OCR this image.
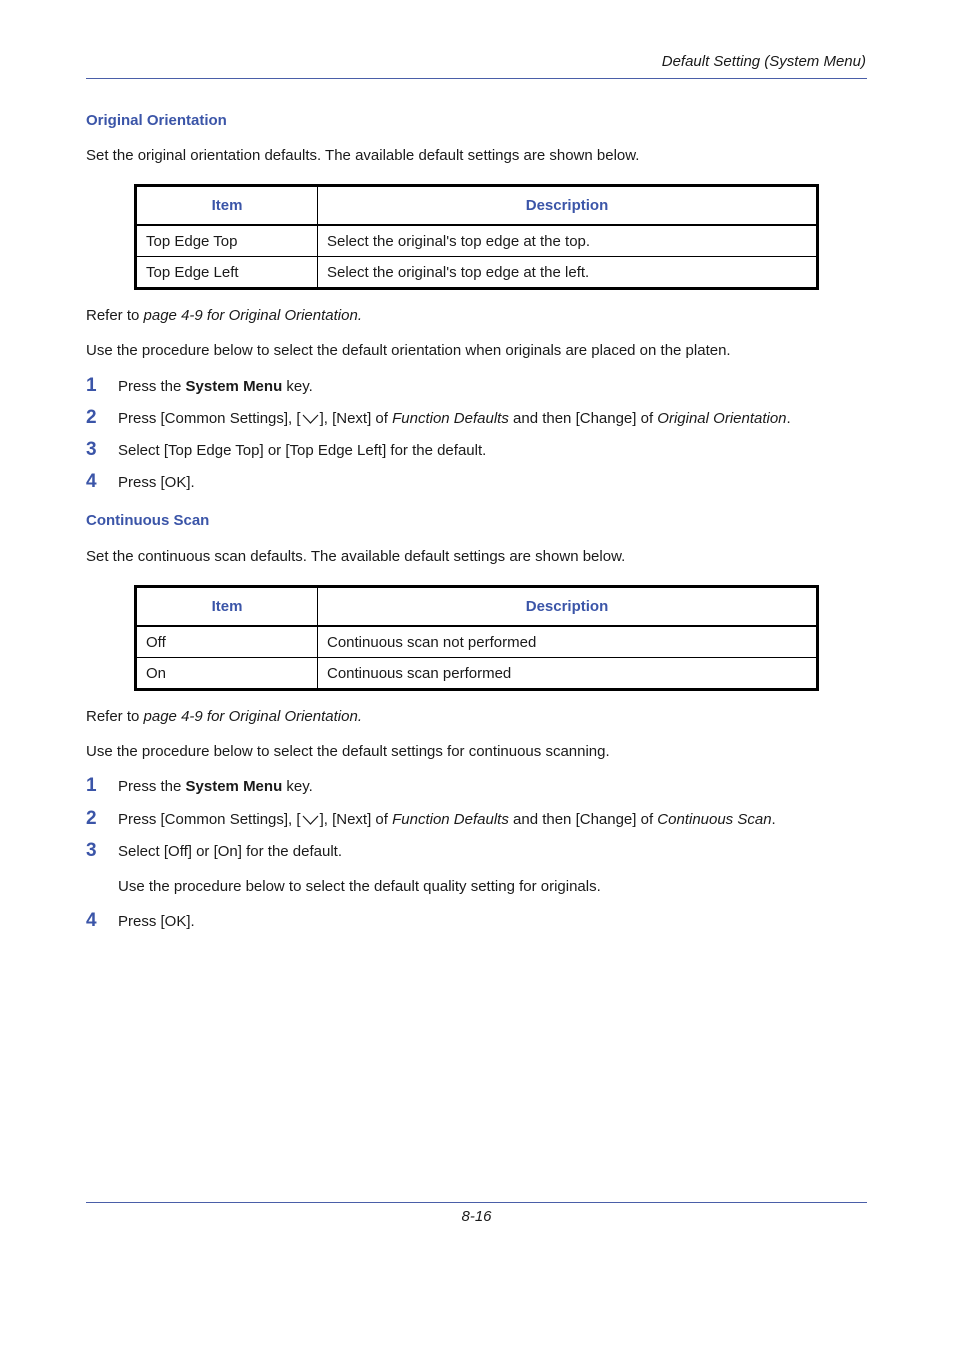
Default Setting (System Menu)
Original Orientation
Set the original orientation defaults. The available default settings are shown below.
Item	Description
Top Edge Top	Select the original's top edge at the top.
Top Edge Left	Select the original's top edge at the left.
Refer to page 4-9 for Original Orientation.
Use the procedure below to select the default orientation when originals are placed on the platen.
1 Press the System Menu key.
2 Press [Common Settings], [ ], [Next] of Function Defaults and then [Change] of Original Orientation.
3 Select [Top Edge Top] or [Top Edge Left] for the default.
4 Press [OK].
Continuous Scan
Set the continuous scan defaults. The available default settings are shown below.
Item	Description
Off	Continuous scan not performed
On	Continuous scan performed
Refer to page 4-9 for Original Orientation.
Use the procedure below to select the default settings for continuous scanning.
1 Press the System Menu key.
2 Press [Common Settings], [ ], [Next] of Function Defaults and then [Change] of Continuous Scan.
3 Select [Off] or [On] for the default.
Use the procedure below to select the default quality setting for originals.
4 Press [OK].
8-16
